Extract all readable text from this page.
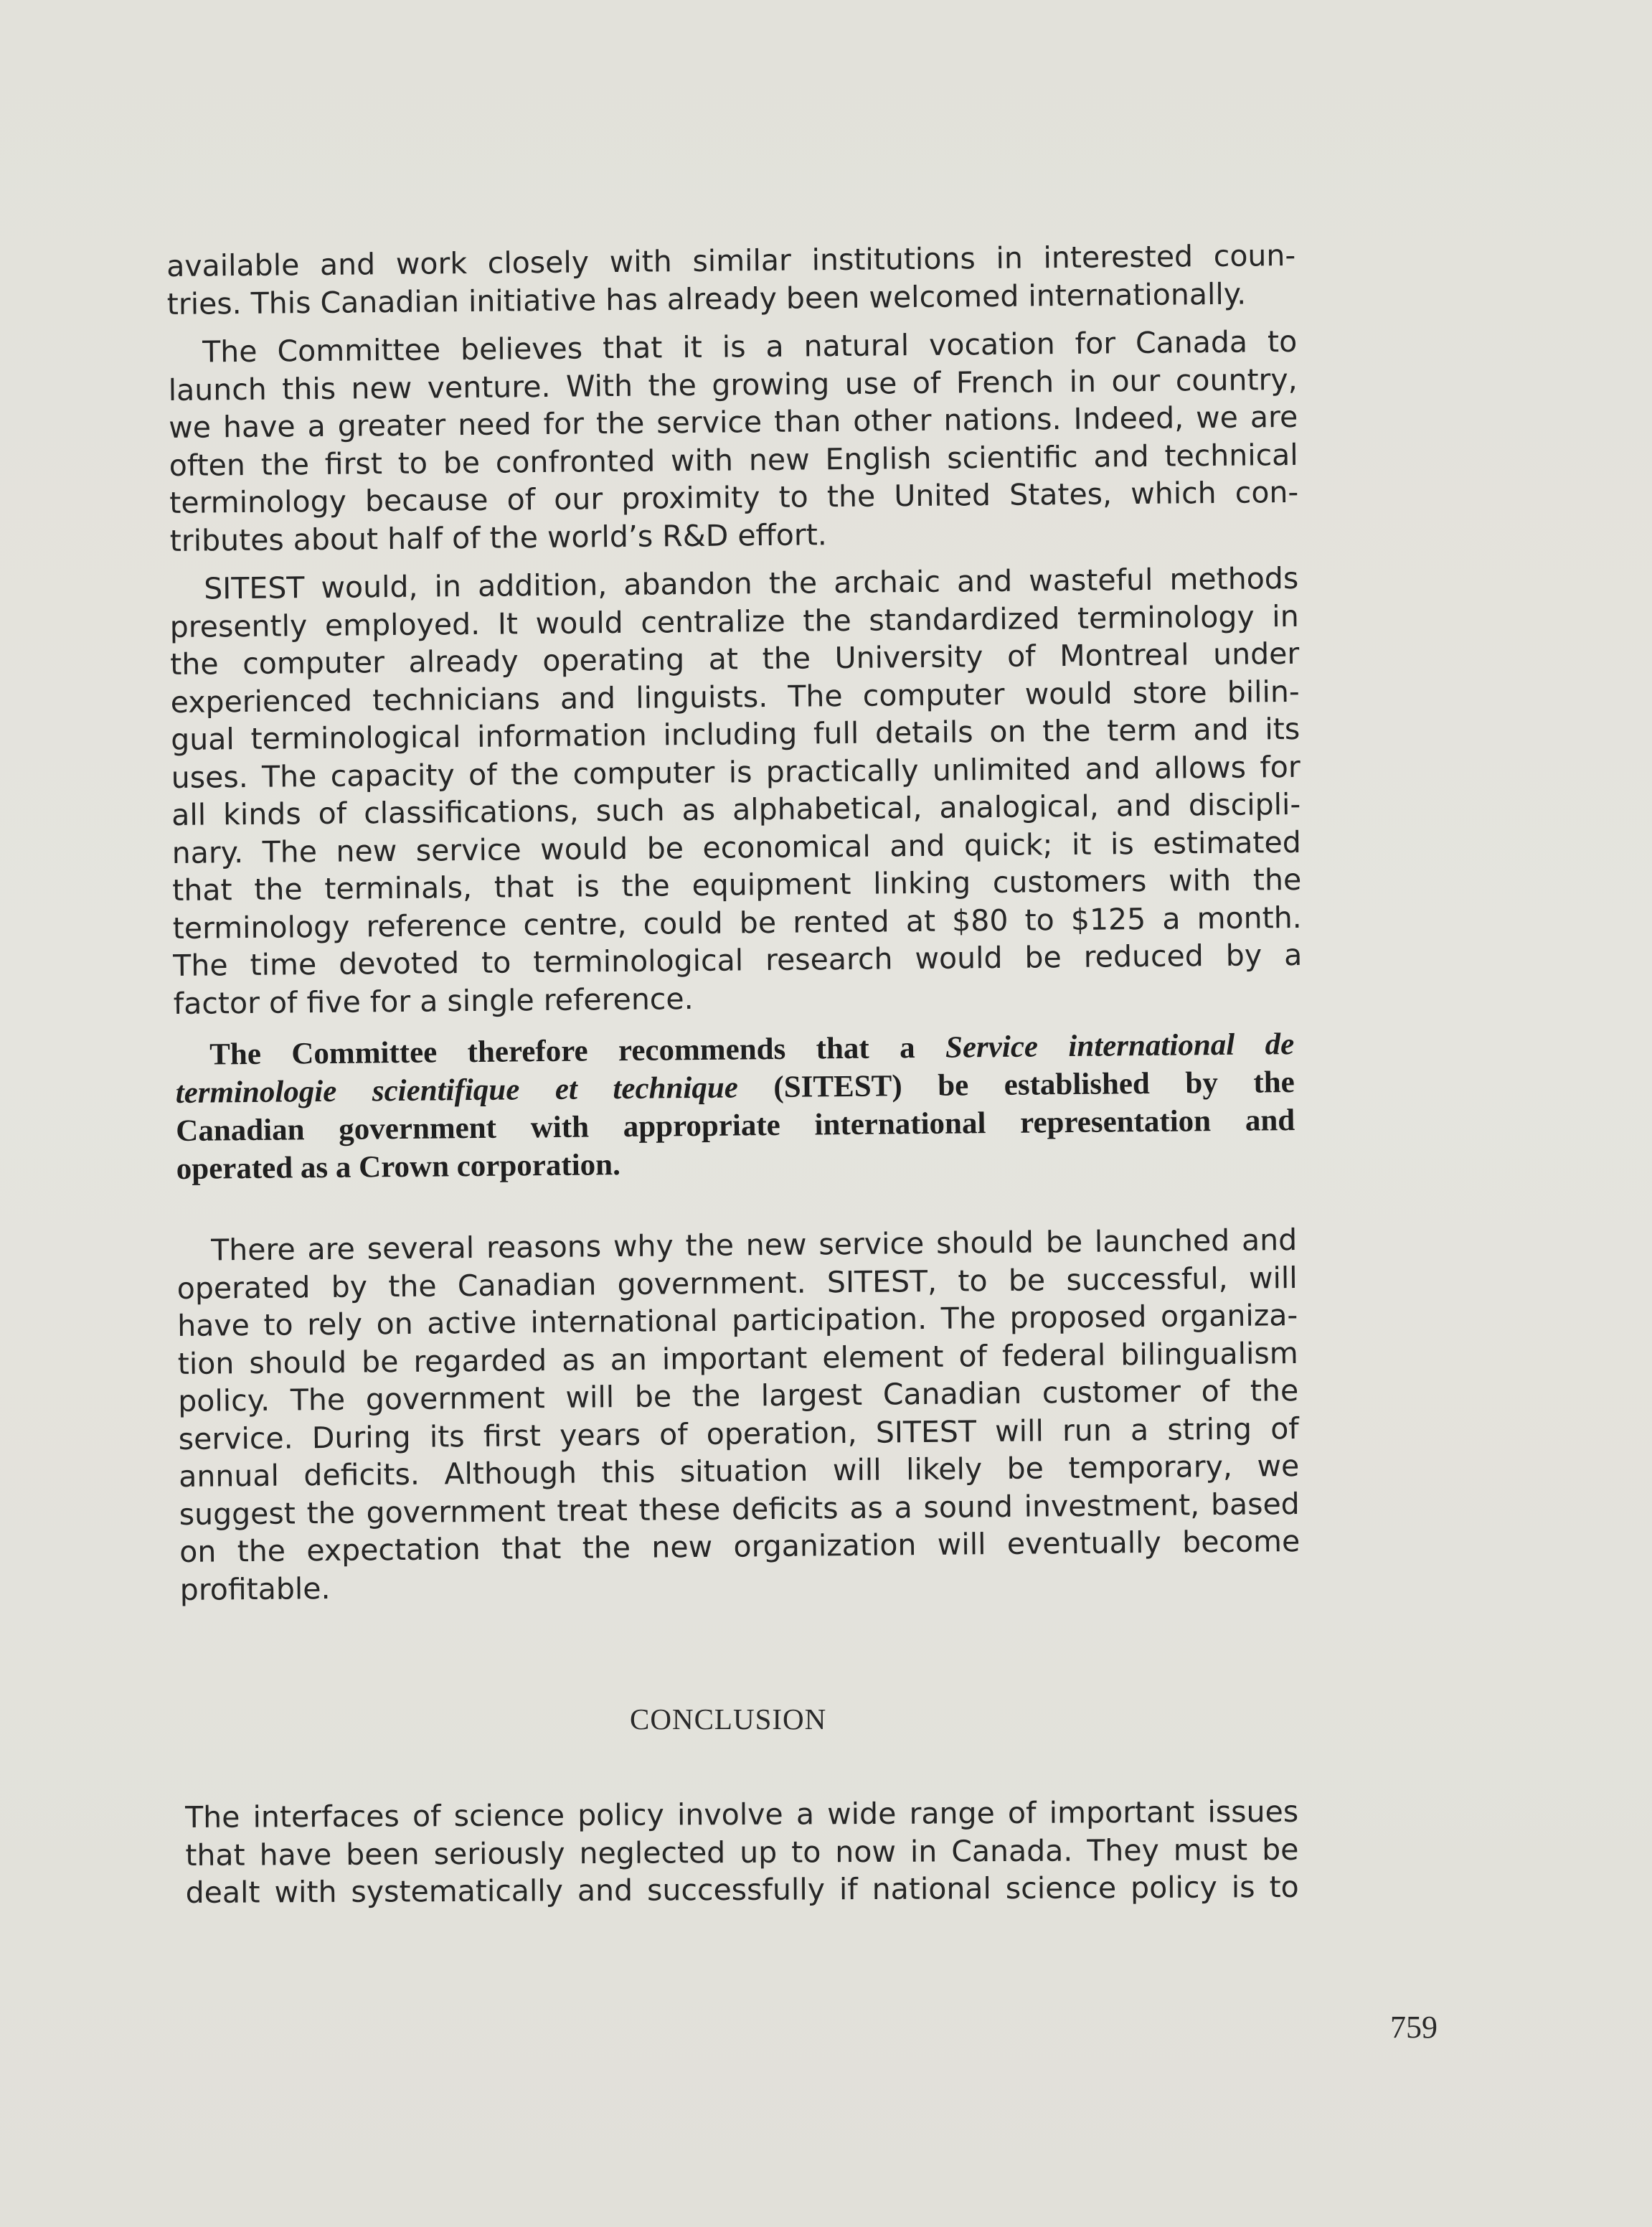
available and work closely with similar institutions in interested coun-
tries. This Canadian initiative has already been welcomed internationally.
The Committee believes that it is a natural vocation for Canada to
launch this new venture. With the growing use of French in our country,
we have a greater need for the service than other nations. Indeed, we are
often the first to be confronted with new English scientific and technical
terminology because of our proximity to the United States, which con-
tributes about half of the world’s R&D effort.
SITEST would, in addition, abandon the archaic and wasteful methods
presently employed. It would centralize the standardized terminology in
the computer already operating at the University of Montreal under
experienced technicians and linguists. The computer would store bilin-
gual terminological information including full details on the term and its
uses. The capacity of the computer is practically unlimited and allows for
all kinds of classifications, such as alphabetical, analogical, and discipli-
nary. The new service would be economical and quick; it is estimated
that the terminals, that is the equipment linking customers with the
terminology reference centre, could be rented at $80 to $125 a month.
The time devoted to terminological research would be reduced by a
factor of five for a single reference.
The Committee therefore recommends that a Service international de
terminologie scientifique et technique (SITEST) be established by the
Canadian government with appropriate international representation and
operated as a Crown corporation.
There are several reasons why the new service should be launched and
operated by the Canadian government. SITEST, to be successful, will
have to rely on active international participation. The proposed organiza-
tion should be regarded as an important element of federal bilingualism
policy. The government will be the largest Canadian customer of the
service. During its first years of operation, SITEST will run a string of
annual deficits. Although this situation will likely be temporary, we
suggest the government treat these deficits as a sound investment, based
on the expectation that the new organization will eventually become
profitable.
CONCLUSION
The interfaces of science policy involve a wide range of important issues
that have been seriously neglected up to now in Canada. They must be
dealt with systematically and successfully if national science policy is to
759
